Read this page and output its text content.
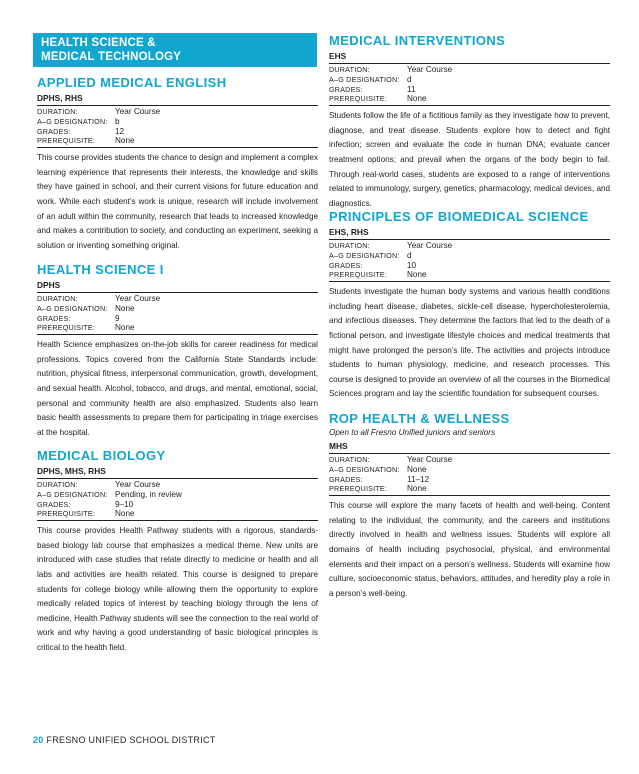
HEALTH SCIENCE &
MEDICAL TECHNOLOGY
APPLIED MEDICAL ENGLISH
DPHS, RHS
DURATION:	Year Course
A–G DESIGNATION: b
GRADES:	12
PREREQUISITE:	None
This course provides students the chance to design and implement a complex learning experience that represents their interests, the knowledge and skills they have gained in school, and their current visions for future education and work. While each student’s work is unique, research will include involvement of an adult within the community, research that leads to increased knowledge and makes a contribution to society, and conducting an experiment, seeking a solution or inventing something original.
HEALTH SCIENCE I
DPHS
DURATION:	Year Course
A–G DESIGNATION: None
GRADES:	9
PREREQUISITE:	None
Health Science emphasizes on-the-job skills for career readiness for medical professions. Topics covered from the California State Standards include: nutrition, physical fitness, interpersonal communication, growth, development, and sexual health. Alcohol, tobacco, and drugs, and mental, emotional, social, personal and community health are also emphasized. Students also learn basic health assessments to prepare them for participating in triage exercises at the hospital.
MEDICAL BIOLOGY
DPHS, MHS, RHS
DURATION:	Year Course
A–G DESIGNATION: Pending, in review
GRADES:	9–10
PREREQUISITE:	None
This course provides Health Pathway students with a rigorous, standards-based biology lab course that emphasizes a medical theme. New units are introduced with case studies that relate directly to medicine or health and all labs and activities are health related. This course is designed to prepare students for college biology while allowing them the opportunity to explore medically related topics of interest by teaching biology through the lens of medicine, Health Pathway students will see the connection to the real world of work and why having a good understanding of basic biological principles is critical to the health field.
MEDICAL INTERVENTIONS
EHS
DURATION:	Year Course
A–G DESIGNATION: d
GRADES:	11
PREREQUISITE:	None
Students follow the life of a fictitious family as they investigate how to prevent, diagnose, and treat disease. Students explore how to detect and fight infection; screen and evaluate the code in human DNA; evaluate cancer treatment options; and prevail when the organs of the body begin to fail. Through real-world cases, students are exposed to a range of interventions related to immunology, surgery, genetics, pharmacology, medical devices, and diagnostics.
PRINCIPLES OF BIOMEDICAL SCIENCE
EHS, RHS
DURATION:	Year Course
A–G DESIGNATION: d
GRADES:	10
PREREQUISITE:	None
Students investigate the human body systems and various health conditions including heart disease, diabetes, sickle-cell disease, hypercholesterolemia, and infectious diseases. They determine the factors that led to the death of a fictional person, and investigate lifestyle choices and medical treatments that might have prolonged the person’s life. The activities and projects introduce students to human physiology, medicine, and research processes. This course is designed to provide an overview of all the courses in the Biomedical Sciences program and lay the scientific foundation for subsequent courses.
ROP HEALTH & WELLNESS
Open to all Fresno Unified juniors and seniors
MHS
DURATION:	Year Course
A–G DESIGNATION: None
GRADES:	11–12
PREREQUISITE:	None
This course will explore the many facets of health and well-being. Content relating to the individual, the community, and the careers and institutions directly involved in health and wellness issues. Students will explore all domains of health including psychosocial, physical, and environmental elements and their impact on a person’s wellness. Students will examine how culture, socioeconomic status, behaviors, attitudes, and heredity play a role in a person’s well-being.
20 FRESNO UNIFIED SCHOOL DISTRICT
